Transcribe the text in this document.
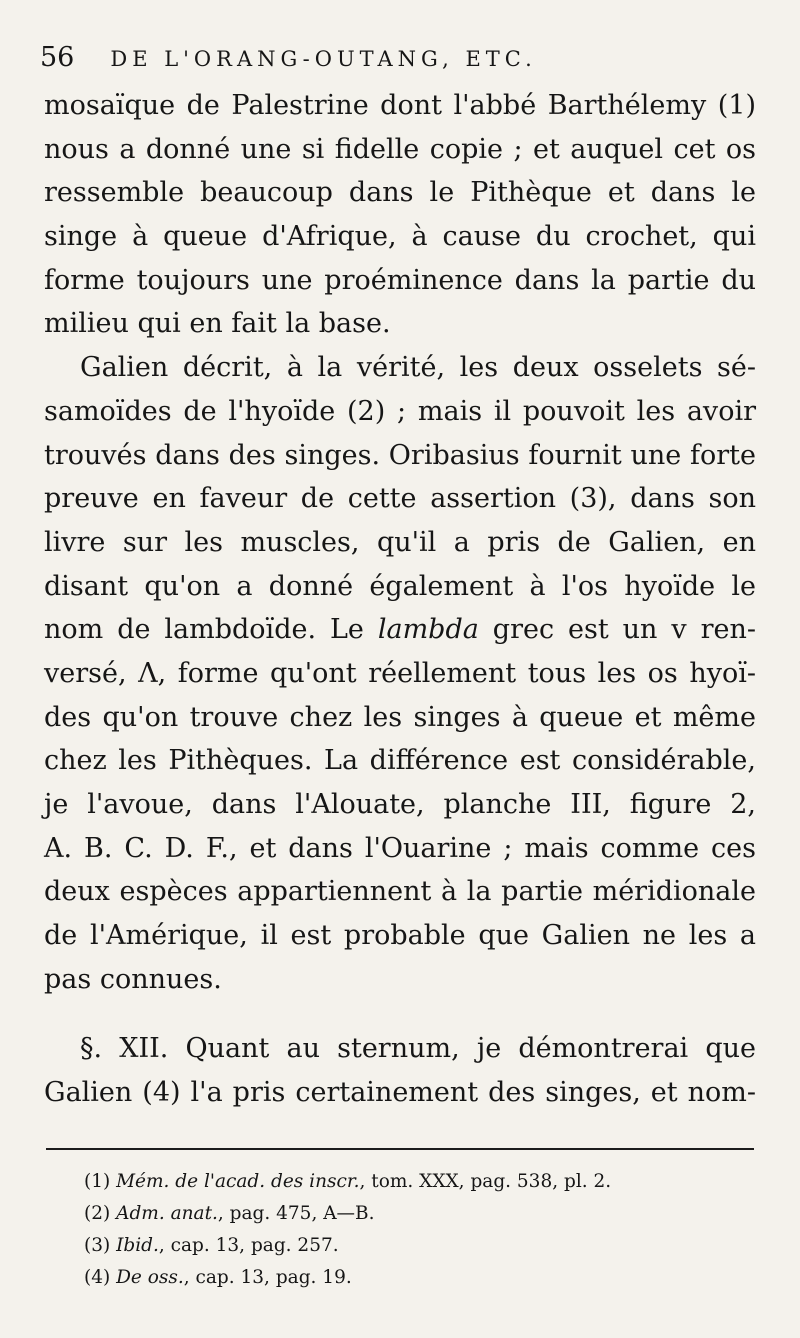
56 DE L'ORANG-OUTANG, ETC.
mosaïque de Palestrine dont l'abbé Barthélemy (1)
nous a donné une si fidelle copie ; et auquel cet os
ressemble beaucoup dans le Pithèque et dans le
singe à queue d'Afrique, à cause du crochet, qui
forme toujours une proéminence dans la partie du
milieu qui en fait la base.
Galien décrit, à la vérité, les deux osselets sé-
samoïdes de l'hyoïde (2) ; mais il pouvoit les avoir
trouvés dans des singes. Oribasius fournit une forte
preuve en faveur de cette assertion (3), dans son
livre sur les muscles, qu'il a pris de Galien, en
disant qu'on a donné également à l'os hyoïde le
nom de lambdoïde. Le lambda grec est un v ren-
versé, Λ, forme qu'ont réellement tous les os hyoï-
des qu'on trouve chez les singes à queue et même
chez les Pithèques. La différence est considérable,
je l'avoue, dans l'Alouate, planche III, figure 2,
A. B. C. D. F., et dans l'Ouarine ; mais comme ces
deux espèces appartiennent à la partie méridionale
de l'Amérique, il est probable que Galien ne les a
pas connues.
§. XII. Quant au sternum, je démontrerai que
Galien (4) l'a pris certainement des singes, et nom-
(1) Mém. de l'acad. des inscr., tom. XXX, pag. 538, pl. 2.
(2) Adm. anat., pag. 475, A—B.
(3) Ibid., cap. 13, pag. 257.
(4) De oss., cap. 13, pag. 19.
